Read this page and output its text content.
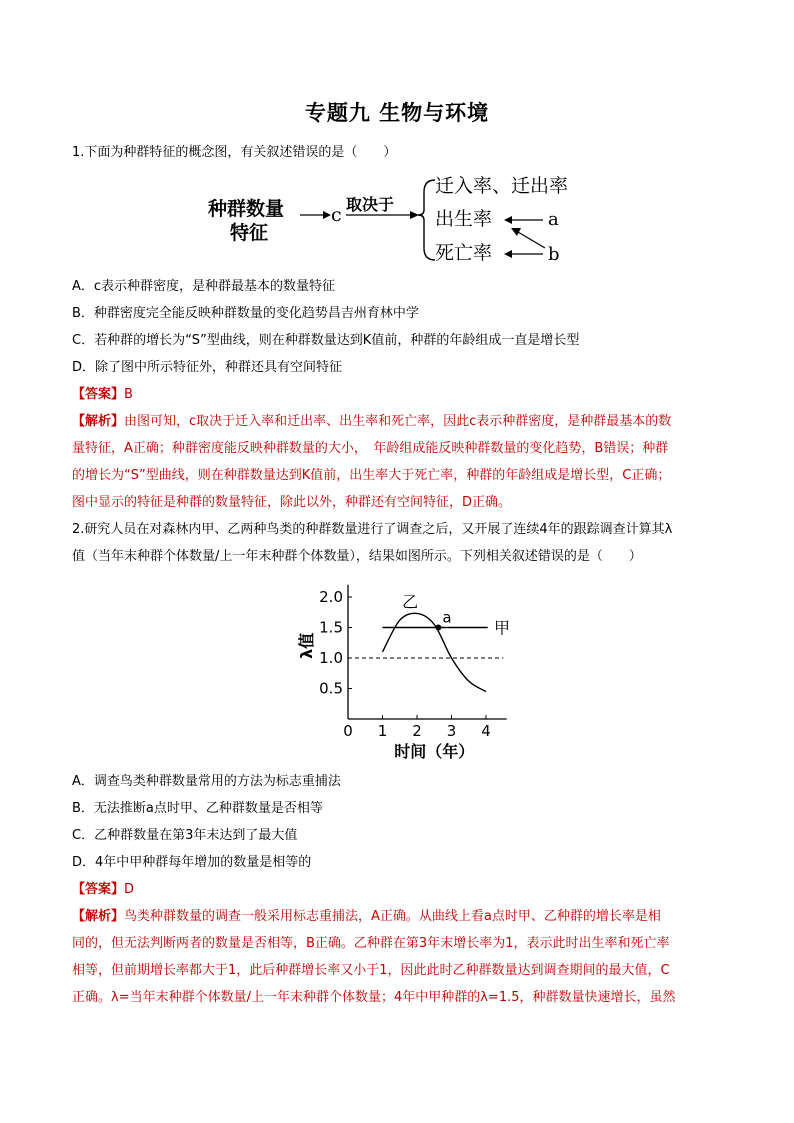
专题九 生物与环境
1.下面为种群特征的概念图，有关叙述错误的是（　　）
种群数量
特征
c 取决于
迁入率、迁出率
出生率
死亡率
a
b
A．c表示种群密度，是种群最基本的数量特征
B．种群密度完全能反映种群数量的变化趋势昌吉州育林中学
C．若种群的增长为“S”型曲线，则在种群数量达到K值前，种群的年龄组成一直是增长型
D．除了图中所示特征外，种群还具有空间特征
【答案】B
【解析】由图可知，c取决于迁入率和迁出率、出生率和死亡率，因此c表示种群密度，是种群最基本的数
量特征，A正确；种群密度能反映种群数量的大小，　年龄组成能反映种群数量的变化趋势，B错误；种群
的增长为“S”型曲线，则在种群数量达到K值前，出生率大于死亡率，种群的年龄组成是增长型，C正确；
图中显示的特征是种群的数量特征，除此以外，种群还有空间特征，D正确。
2.研究人员在对森林内甲、乙两种鸟类的种群数量进行了调查之后，又开展了连续4年的跟踪调查计算其λ
值（当年末种群个体数量/上一年末种群个体数量），结果如图所示。下列相关叙述错误的是（　　）
0 1 2 3 4
0.5
1.0
1.5
2.0
甲
乙
a
λ值
时间（年）
A．调查鸟类种群数量常用的方法为标志重捕法
B．无法推断a点时甲、乙种群数量是否相等
C．乙种群数量在第3年末达到了最大值
D．4年中甲种群每年增加的数量是相等的
【答案】D
【解析】鸟类种群数量的调查一般采用标志重捕法，A正确。从曲线上看a点时甲、乙种群的增长率是相
同的，但无法判断两者的数量是否相等，B正确。乙种群在第3年末增长率为1，表示此时出生率和死亡率
相等，但前期增长率都大于1，此后种群增长率又小于1，因此此时乙种群数量达到调查期间的最大值，C
正确。λ=当年末种群个体数量/上一年末种群个体数量；4年中甲种群的λ=1.5，种群数量快速增长，虽然
